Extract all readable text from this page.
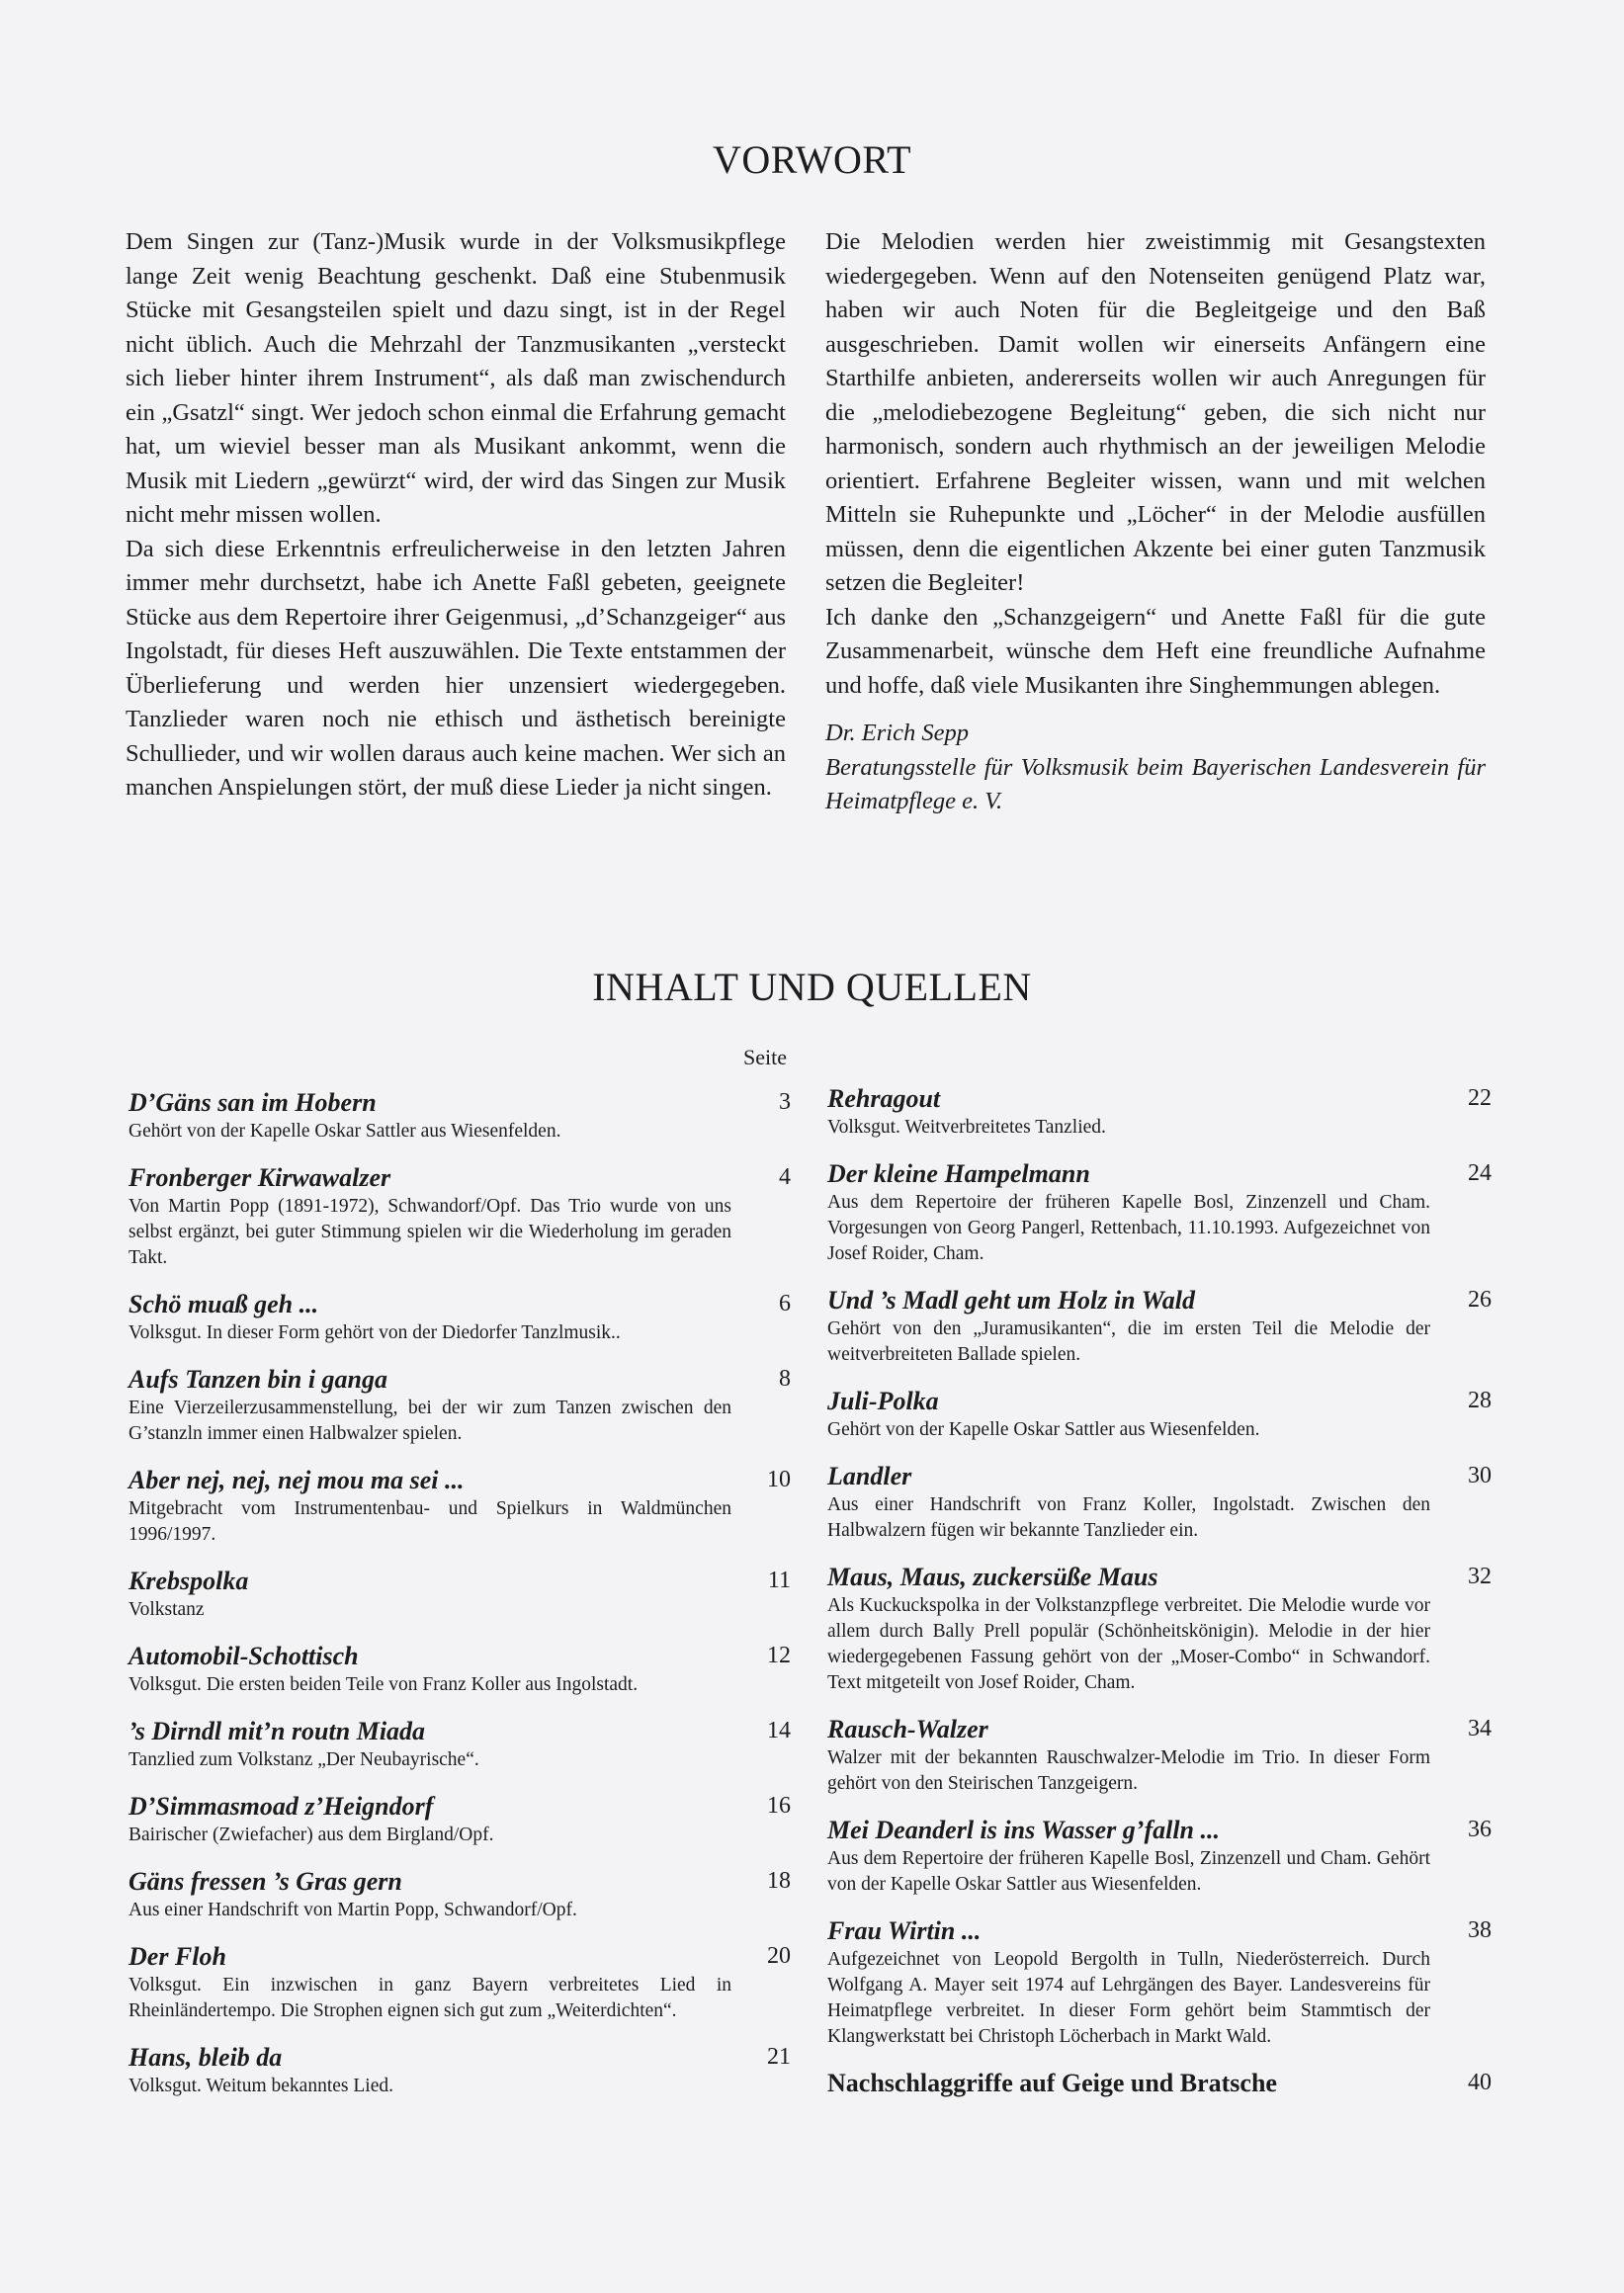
VORWORT

Dem Singen zur (Tanz-)Musik wurde in der Volksmusikpflege lange Zeit wenig Beachtung geschenkt. Daß eine Stubenmusik Stücke mit Gesangsteilen spielt und dazu singt, ist in der Regel nicht üblich. Auch die Mehrzahl der Tanzmusikanten „versteckt sich lieber hinter ihrem Instrument“, als daß man zwischendurch ein „Gsatzl“ singt. Wer jedoch schon einmal die Erfahrung gemacht hat, um wieviel besser man als Musikant ankommt, wenn die Musik mit Liedern „gewürzt“ wird, der wird das Singen zur Musik nicht mehr missen wollen.

Da sich diese Erkenntnis erfreulicherweise in den letzten Jahren immer mehr durchsetzt, habe ich Anette Faßl gebeten, geeignete Stücke aus dem Repertoire ihrer Geigenmusi, „d’Schanzgeiger“ aus Ingolstadt, für dieses Heft auszuwählen. Die Texte entstammen der Überlieferung und werden hier unzensiert wiedergegeben. Tanzlieder waren noch nie ethisch und ästhetisch bereinigte Schullieder, und wir wollen daraus auch keine machen. Wer sich an manchen Anspielungen stört, der muß diese Lieder ja nicht singen.

Die Melodien werden hier zweistimmig mit Gesangstexten wiedergegeben. Wenn auf den Notenseiten genügend Platz war, haben wir auch Noten für die Begleitgeige und den Baß ausgeschrieben. Damit wollen wir einerseits Anfängern eine Starthilfe anbieten, andererseits wollen wir auch Anregungen für die „melodiebezogene Begleitung“ geben, die sich nicht nur harmonisch, sondern auch rhythmisch an der jeweiligen Melodie orientiert. Erfahrene Begleiter wissen, wann und mit welchen Mitteln sie Ruhepunkte und „Löcher“ in der Melodie ausfüllen müssen, denn die eigentlichen Akzente bei einer guten Tanzmusik setzen die Begleiter!

Ich danke den „Schanzgeigern“ und Anette Faßl für die gute Zusammenarbeit, wünsche dem Heft eine freundliche Aufnahme und hoffe, daß viele Musikanten ihre Singhemmungen ablegen.

Dr. Erich Sepp

Beratungsstelle für Volksmusik beim Bayerischen Landesverein für Heimatpflege e. V.

INHALT UND QUELLEN
Seite
D’Gäns san im Hobern	3
Gehört von der Kapelle Oskar Sattler aus Wiesenfelden.
Fronberger Kirwawalzer	4
Von Martin Popp (1891-1972), Schwandorf/Opf. Das Trio wurde von uns selbst ergänzt, bei guter Stimmung spielen wir die Wiederholung im geraden Takt.
Schö muaß geh ...	6
Volksgut. In dieser Form gehört von der Diedorfer Tanzlmusik..
Aufs Tanzen bin i ganga	8
Eine Vierzeilerzusammenstellung, bei der wir zum Tanzen zwischen den G’stanzln immer einen Halbwalzer spielen.
Aber nej, nej, nej mou ma sei ...	10
Mitgebracht vom Instrumentenbau- und Spielkurs in Waldmünchen 1996/1997.
Krebspolka	11
Volkstanz
Automobil-Schottisch	12
Volksgut. Die ersten beiden Teile von Franz Koller aus Ingolstadt.
’s Dirndl mit’n routn Miada	14
Tanzlied zum Volkstanz „Der Neubayrische“.
D’Simmasmoad z’Heigndorf	16
Bairischer (Zwiefacher) aus dem Birgland/Opf.
Gäns fressen ’s Gras gern	18
Aus einer Handschrift von Martin Popp, Schwandorf/Opf.
Der Floh	20
Volksgut. Ein inzwischen in ganz Bayern verbreitetes Lied in Rheinländertempo. Die Strophen eignen sich gut zum „Weiterdichten“.
Hans, bleib da	21
Volksgut. Weitum bekanntes Lied.
Rehragout	22
Volksgut. Weitverbreitetes Tanzlied.
Der kleine Hampelmann	24
Aus dem Repertoire der früheren Kapelle Bosl, Zinzenzell und Cham. Vorgesungen von Georg Pangerl, Rettenbach, 11.10.1993. Aufgezeichnet von Josef Roider, Cham.
Und ’s Madl geht um Holz in Wald	26
Gehört von den „Juramusikanten“, die im ersten Teil die Melodie der weitverbreiteten Ballade spielen.
Juli-Polka	28
Gehört von der Kapelle Oskar Sattler aus Wiesenfelden.
Landler	30
Aus einer Handschrift von Franz Koller, Ingolstadt. Zwischen den Halbwalzern fügen wir bekannte Tanzlieder ein.
Maus, Maus, zuckersüße Maus	32
Als Kuckuckspolka in der Volkstanzpflege verbreitet. Die Melodie wurde vor allem durch Bally Prell populär (Schönheitskönigin). Melodie in der hier wiedergegebenen Fassung gehört von der „Moser-Combo“ in Schwandorf. Text mitgeteilt von Josef Roider, Cham.
Rausch-Walzer	34
Walzer mit der bekannten Rauschwalzer-Melodie im Trio. In dieser Form gehört von den Steirischen Tanzgeigern.
Mei Deanderl is ins Wasser g’falln ...	36
Aus dem Repertoire der früheren Kapelle Bosl, Zinzenzell und Cham. Gehört von der Kapelle Oskar Sattler aus Wiesenfelden.
Frau Wirtin ...	38
Aufgezeichnet von Leopold Bergolth in Tulln, Niederösterreich. Durch Wolfgang A. Mayer seit 1974 auf Lehrgängen des Bayer. Landesvereins für Heimatpflege verbreitet. In dieser Form gehört beim Stammtisch der Klangwerkstatt bei Christoph Löcherbach in Markt Wald.
Nachschlaggriffe auf Geige und Bratsche	40
